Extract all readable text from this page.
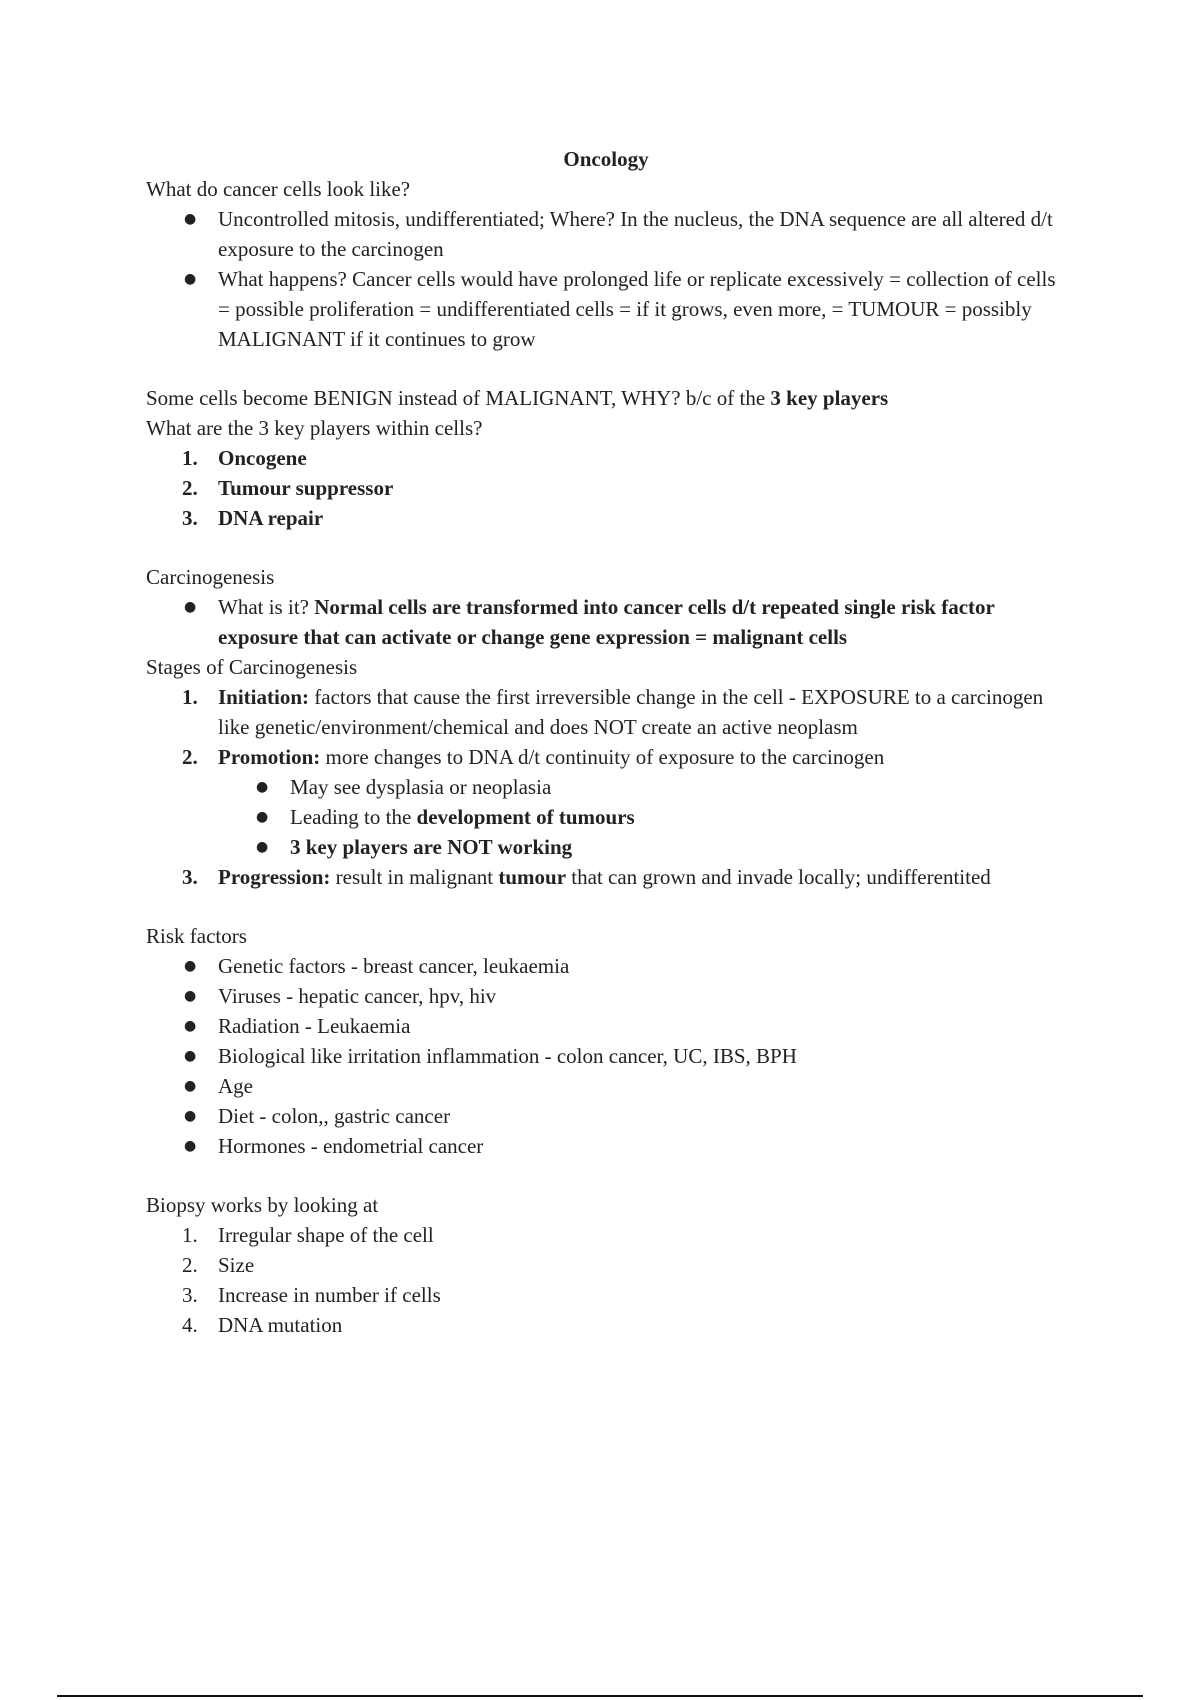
Oncology

What do cancer cells look like?

● Uncontrolled mitosis, undifferentiated; Where? In the nucleus, the DNA sequence are all altered d/t exposure to the carcinogen
● What happens? Cancer cells would have prolonged life or replicate excessively = collection of cells = possible proliferation = undifferentiated cells = if it grows, even more, = TUMOUR = possibly MALIGNANT if it continues to grow

Some cells become BENIGN instead of MALIGNANT, WHY? b/c of the 3 key players

What are the 3 key players within cells?

1. Oncogene
2. Tumour suppressor
3. DNA repair

Carcinogenesis

● What is it? Normal cells are transformed into cancer cells d/t repeated single risk factor exposure that can activate or change gene expression = malignant cells

Stages of Carcinogenesis

1. Initiation: factors that cause the first irreversible change in the cell - EXPOSURE to a carcinogen like genetic/environment/chemical and does NOT create an active neoplasm
2. Promotion: more changes to DNA d/t continuity of exposure to the carcinogen
● May see dysplasia or neoplasia
● Leading to the development of tumours
● 3 key players are NOT working
3. Progression: result in malignant tumour that can grown and invade locally; undifferentited

Risk factors

● Genetic factors - breast cancer, leukaemia
● Viruses - hepatic cancer, hpv, hiv
● Radiation - Leukaemia
● Biological like irritation inflammation - colon cancer, UC, IBS, BPH
● Age
● Diet - colon,, gastric cancer
● Hormones - endometrial cancer

Biopsy works by looking at

1. Irregular shape of the cell
2. Size
3. Increase in number if cells
4. DNA mutation
